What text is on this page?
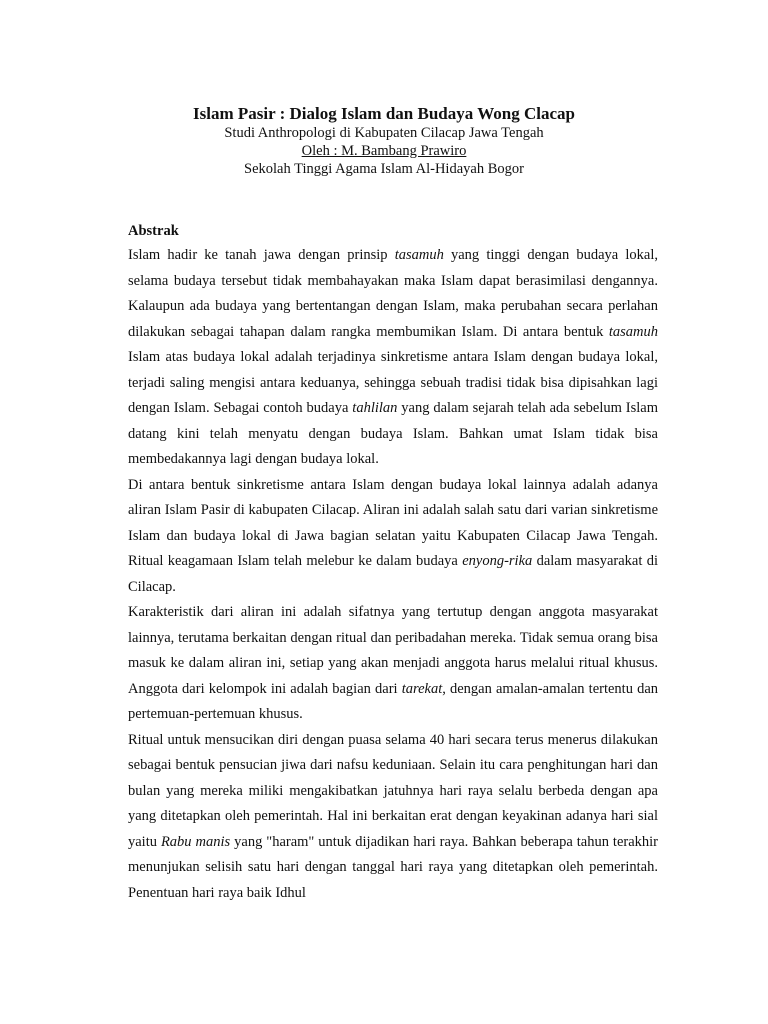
Islam Pasir : Dialog Islam dan Budaya Wong Clacap

Studi Anthropologi di Kabupaten Cilacap Jawa Tengah

Oleh : M. Bambang Prawiro

Sekolah Tinggi Agama Islam Al-Hidayah Bogor

Abstrak

Islam hadir ke tanah jawa dengan prinsip tasamuh yang tinggi dengan budaya lokal, selama budaya tersebut tidak membahayakan maka Islam dapat berasimilasi dengannya. Kalaupun ada budaya yang bertentangan dengan Islam, maka perubahan secara perlahan dilakukan sebagai tahapan dalam rangka membumikan Islam. Di antara bentuk tasamuh Islam atas budaya lokal adalah terjadinya sinkretisme antara Islam dengan budaya lokal, terjadi saling mengisi antara keduanya, sehingga sebuah tradisi tidak bisa dipisahkan lagi dengan Islam. Sebagai contoh budaya tahlilan yang dalam sejarah telah ada sebelum Islam datang kini telah menyatu dengan budaya Islam. Bahkan umat Islam tidak bisa membedakannya lagi dengan budaya lokal.

Di antara bentuk sinkretisme antara Islam dengan budaya lokal lainnya adalah adanya aliran Islam Pasir di kabupaten Cilacap. Aliran ini adalah salah satu dari varian sinkretisme Islam dan budaya lokal di Jawa bagian selatan yaitu Kabupaten Cilacap Jawa Tengah. Ritual keagamaan Islam telah melebur ke dalam budaya enyong-rika dalam masyarakat di Cilacap.

Karakteristik dari aliran ini adalah sifatnya yang tertutup dengan anggota masyarakat lainnya, terutama berkaitan dengan ritual dan peribadahan mereka. Tidak semua orang bisa masuk ke dalam aliran ini, setiap yang akan menjadi anggota harus melalui ritual khusus. Anggota dari kelompok ini adalah bagian dari tarekat, dengan amalan-amalan tertentu dan pertemuan-pertemuan khusus.

Ritual untuk mensucikan diri dengan puasa selama 40 hari secara terus menerus dilakukan sebagai bentuk pensucian jiwa dari nafsu keduniaan. Selain itu cara penghitungan hari dan bulan yang mereka miliki mengakibatkan jatuhnya hari raya selalu berbeda dengan apa yang ditetapkan oleh pemerintah. Hal ini berkaitan erat dengan keyakinan adanya hari sial yaitu Rabu manis yang "haram" untuk dijadikan hari raya. Bahkan beberapa tahun terakhir menunjukan selisih satu hari dengan tanggal hari raya yang ditetapkan oleh pemerintah. Penentuan hari raya baik Idhul
